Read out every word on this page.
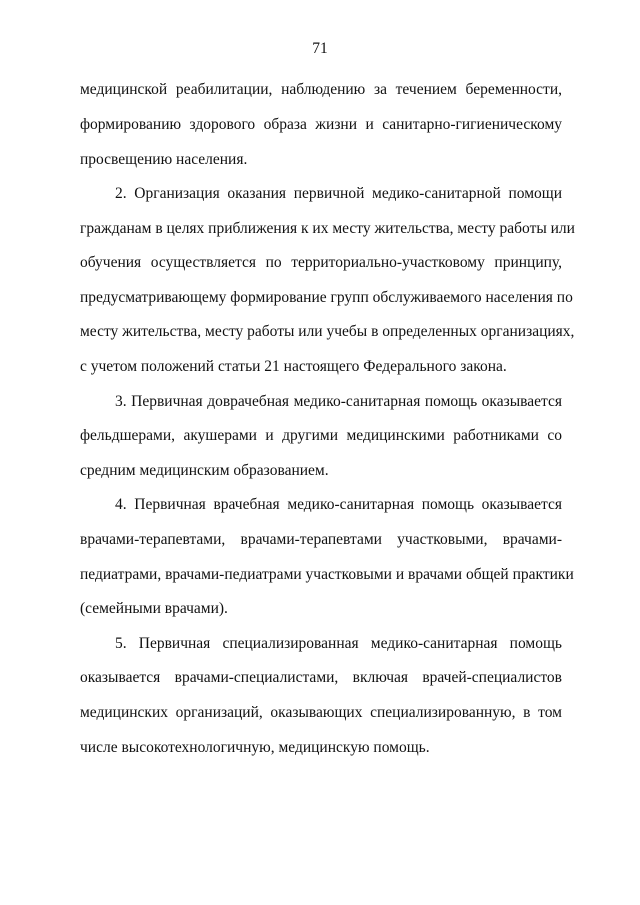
71
медицинской реабилитации, наблюдению за течением беременности,
формированию здорового образа жизни и санитарно-гигиеническому
просвещению населения.
2. Организация оказания первичной медико-санитарной помощи
гражданам в целях приближения к их месту жительства, месту работы или
обучения осуществляется по территориально-участковому принципу,
предусматривающему формирование групп обслуживаемого населения по
месту жительства, месту работы или учебы в определенных организациях,
с учетом положений статьи 21 настоящего Федерального закона.
3. Первичная доврачебная медико-санитарная помощь оказывается
фельдшерами, акушерами и другими медицинскими работниками со
средним медицинским образованием.
4. Первичная врачебная медико-санитарная помощь оказывается
врачами-терапевтами, врачами-терапевтами участковыми, врачами-
педиатрами, врачами-педиатрами участковыми и врачами общей практики
(семейными врачами).
5. Первичная специализированная медико-санитарная помощь
оказывается врачами-специалистами, включая врачей-специалистов
медицинских организаций, оказывающих специализированную, в том
числе высокотехнологичную, медицинскую помощь.
